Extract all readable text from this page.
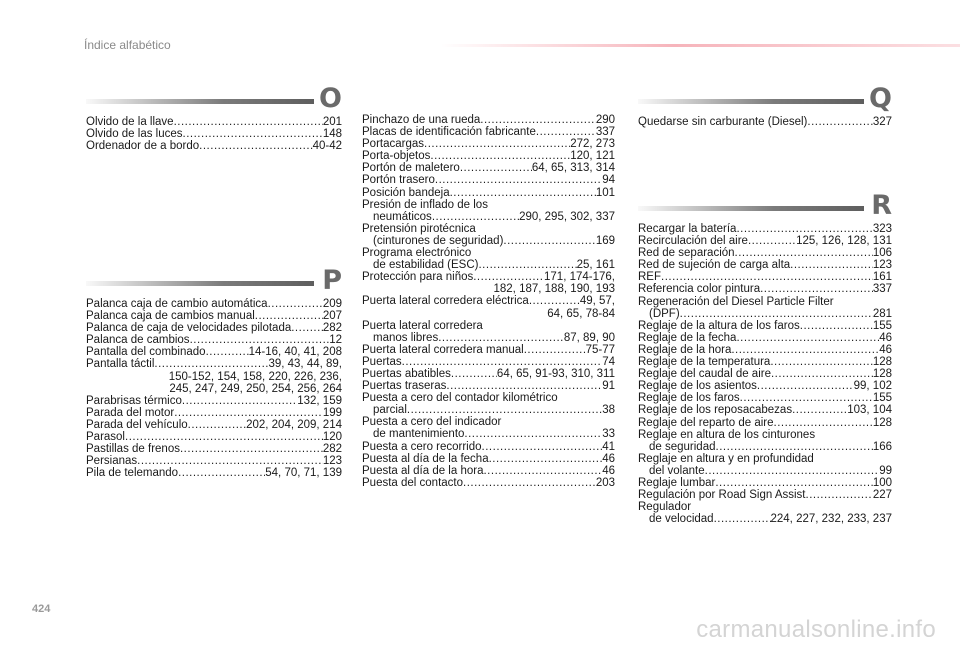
Índice alfabético
O
Olvido de la llave .....	201
Olvido de las luces .....	148
Ordenador de a bordo .....	40-42
P
Palanca caja de cambio automática .....	209
Palanca caja de cambios manual .....	207
Palanca de caja de velocidades pilotada .....	282
Palanca de cambios .....	12
Pantalla del combinado .....	14-16, 40, 41, 208
Pantalla táctil .....	39, 43, 44, 89,
150-152, 154, 158, 220, 226, 236,
245, 247, 249, 250, 254, 256, 264
Parabrisas térmico .....	132, 159
Parada del motor .....	199
Parada del vehículo .....	202, 204, 209, 214
Parasol .....	120
Pastillas de frenos .....	282
Persianas .....	123
Pila de telemando .....	54, 70, 71, 139
Pinchazo de una rueda .....	290
Placas de identificación fabricante .....	337
Portacargas .....	272, 273
Porta-objetos .....	120, 121
Portón de maletero .....	64, 65, 313, 314
Portón trasero .....	94
Posición bandeja .....	101
Presión de inflado de los
neumáticos .....	290, 295, 302, 337
Pretensión pirotécnica
(cinturones de seguridad) .....	169
Programa electrónico
de estabilidad (ESC) .....	25, 161
Protección para niños .....	171, 174-176,
182, 187, 188, 190, 193
Puerta lateral corredera eléctrica .....	49, 57,
64, 65, 78-84
Puerta lateral corredera
manos libres .....	87, 89, 90
Puerta lateral corredera manual .....	75-77
Puertas .....	74
Puertas abatibles .....	64, 65, 91-93, 310, 311
Puertas traseras .....	91
Puesta a cero del contador kilométrico
parcial .....	38
Puesta a cero del indicador
de mantenimiento .....	33
Puesta a cero recorrido .....	41
Puesta al día de la fecha .....	46
Puesta al día de la hora .....	46
Puesta del contacto .....	203
Q
Quedarse sin carburante (Diesel) .....	327
R
Recargar la batería .....	323
Recirculación del aire .....	125, 126, 128, 131
Red de separación .....	106
Red de sujeción de carga alta .....	123
REF .....	161
Referencia color pintura .....	337
Regeneración del Diesel Particle Filter
(DPF) .....	281
Reglaje de la altura de los faros .....	155
Reglaje de la fecha .....	46
Reglaje de la hora .....	46
Reglaje de la temperatura .....	128
Reglaje del caudal de aire .....	128
Reglaje de los asientos .....	99, 102
Reglaje de los faros .....	155
Reglaje de los reposacabezas .....	103, 104
Reglaje del reparto de aire .....	128
Reglaje en altura de los cinturones
de seguridad .....	166
Reglaje en altura y en profundidad
del volante .....	99
Reglaje lumbar .....	100
Regulación por Road Sign Assist .....	227
Regulador
de velocidad .....	224, 227, 232, 233, 237
424
carmanualsonline.info
